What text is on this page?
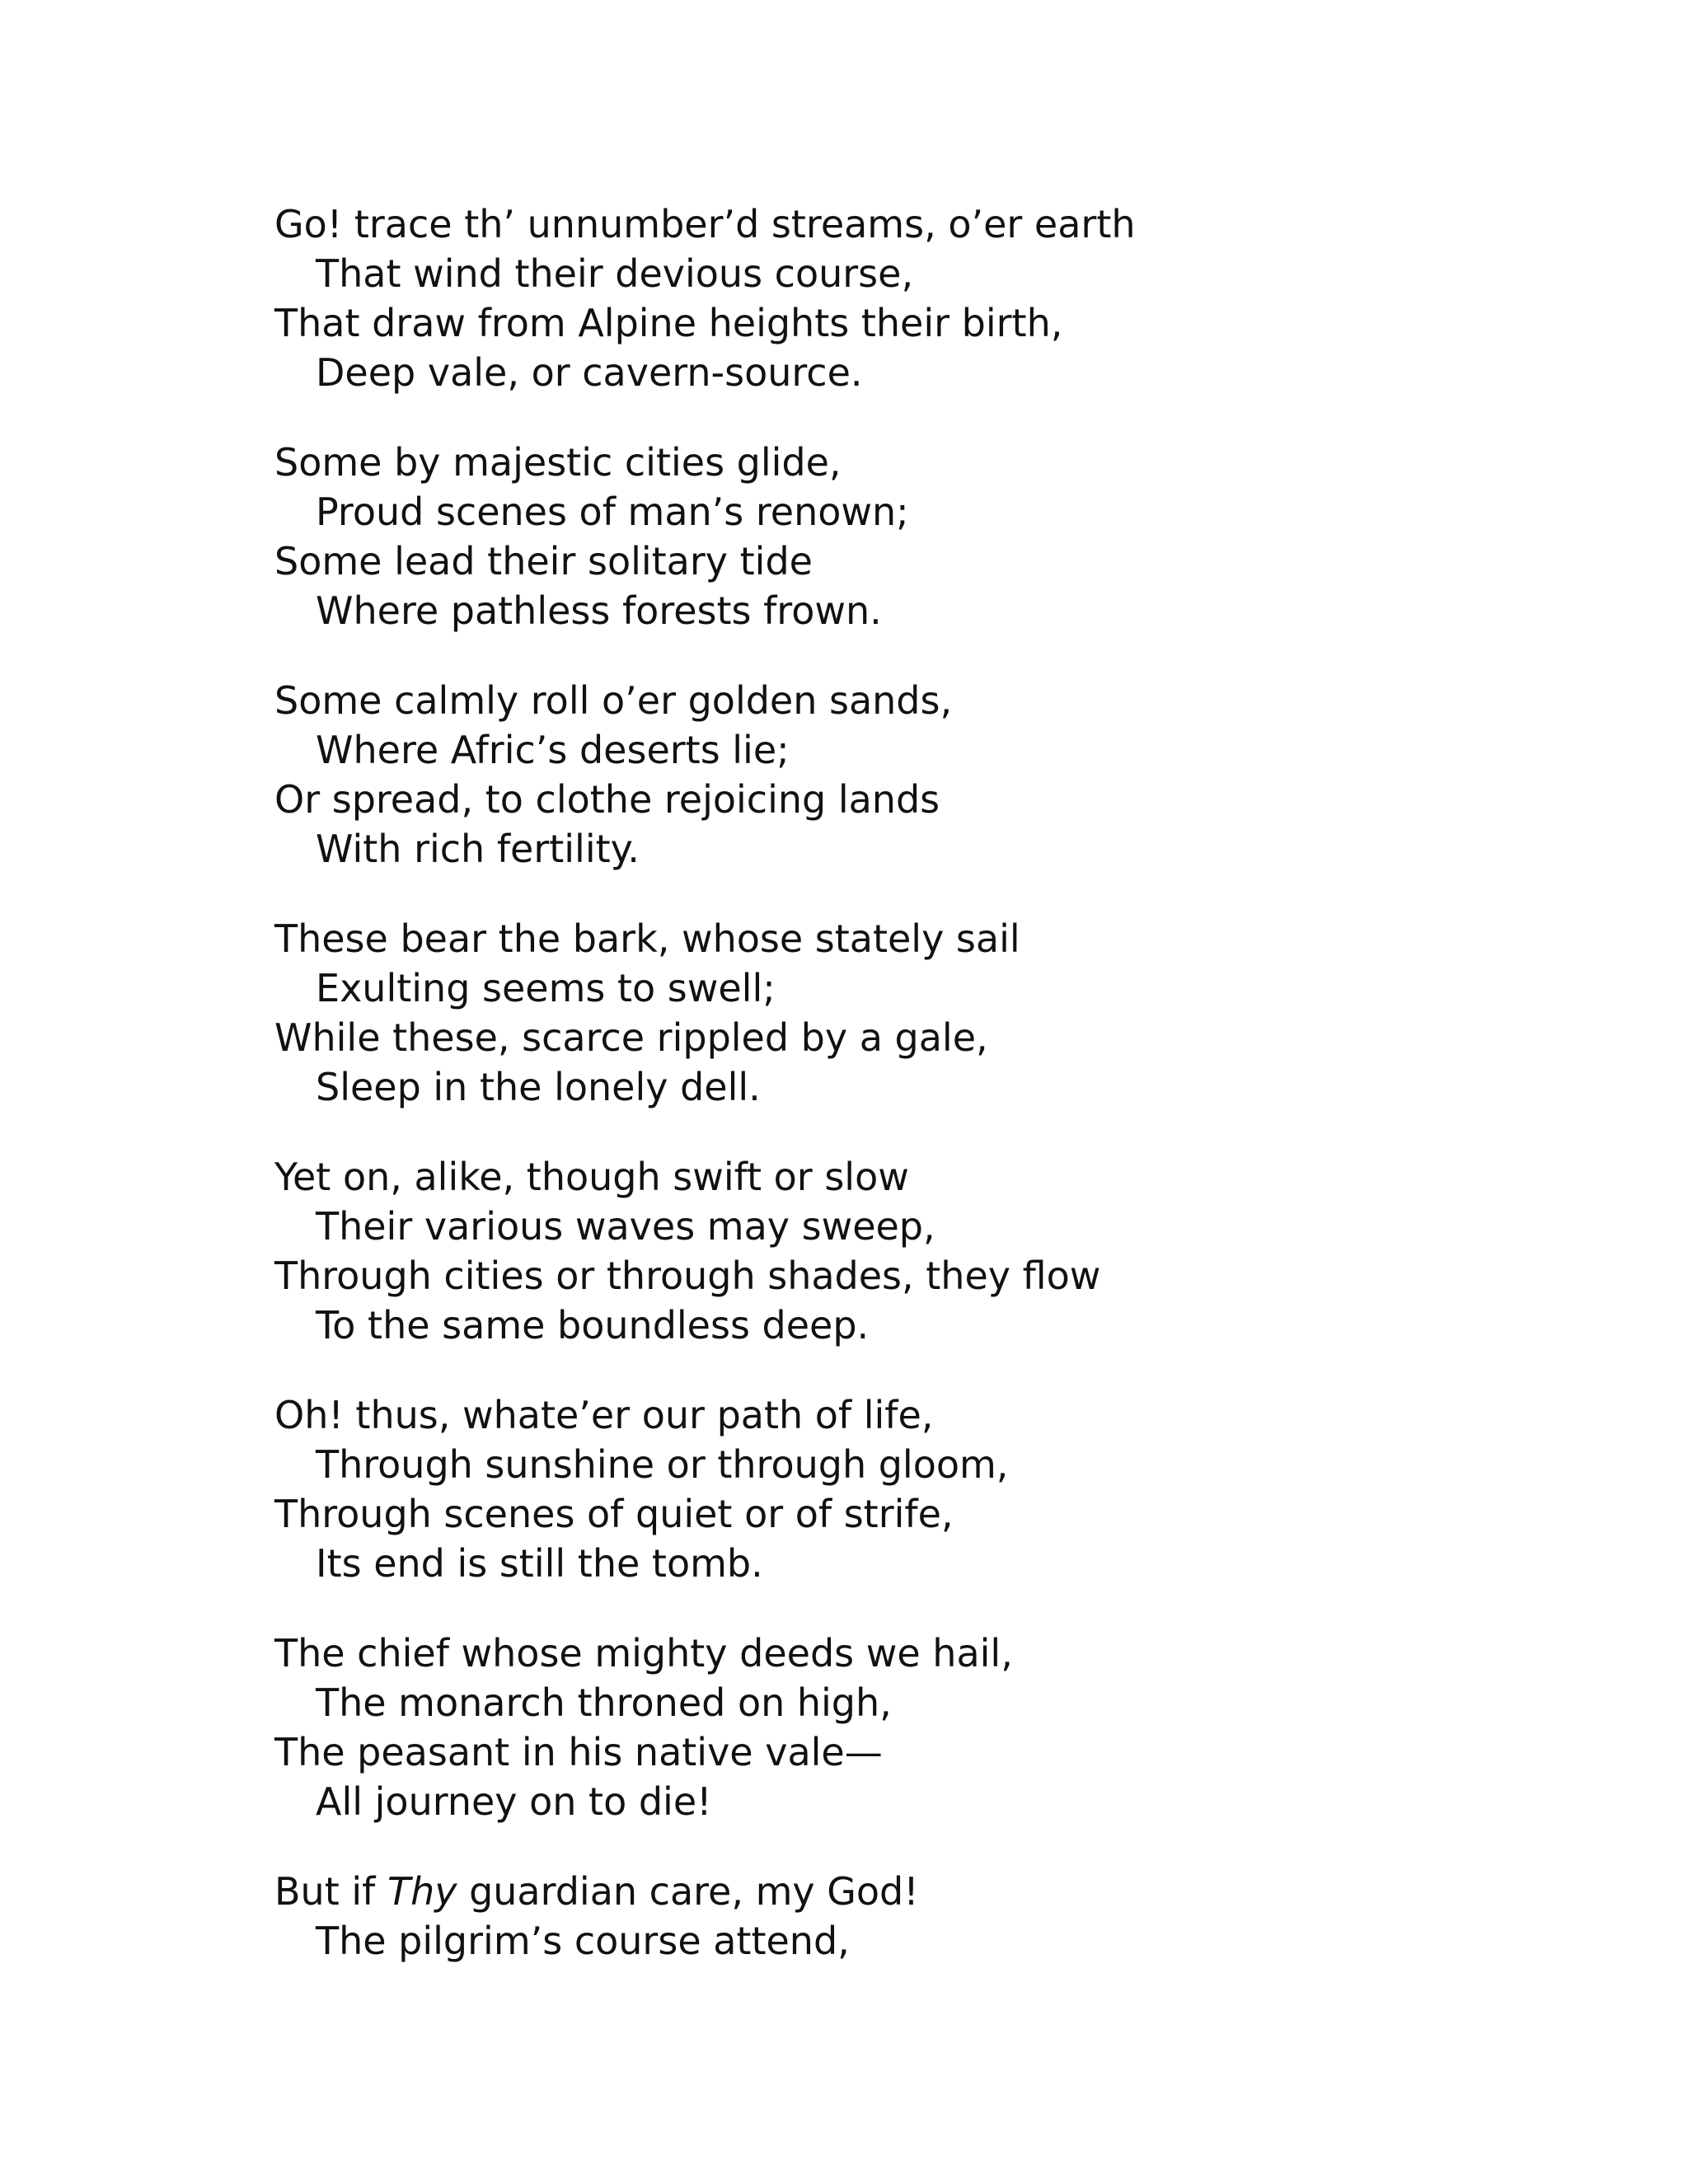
Go! trace th’ unnumber’d streams, o’er earth
That wind their devious course,
That draw from Alpine heights their birth,
Deep vale, or cavern-source.
Some by majestic cities glide,
Proud scenes of man’s renown;
Some lead their solitary tide
Where pathless forests frown.
Some calmly roll o’er golden sands,
Where Afric’s deserts lie;
Or spread, to clothe rejoicing lands
With rich fertility.
These bear the bark, whose stately sail
Exulting seems to swell;
While these, scarce rippled by a gale,
Sleep in the lonely dell.
Yet on, alike, though swift or slow
Their various waves may sweep,
Through cities or through shades, they flow
To the same boundless deep.
Oh! thus, whate’er our path of life,
Through sunshine or through gloom,
Through scenes of quiet or of strife,
Its end is still the tomb.
The chief whose mighty deeds we hail,
The monarch throned on high,
The peasant in his native vale—
All journey on to die!
But if Thy guardian care, my God!
The pilgrim’s course attend,
